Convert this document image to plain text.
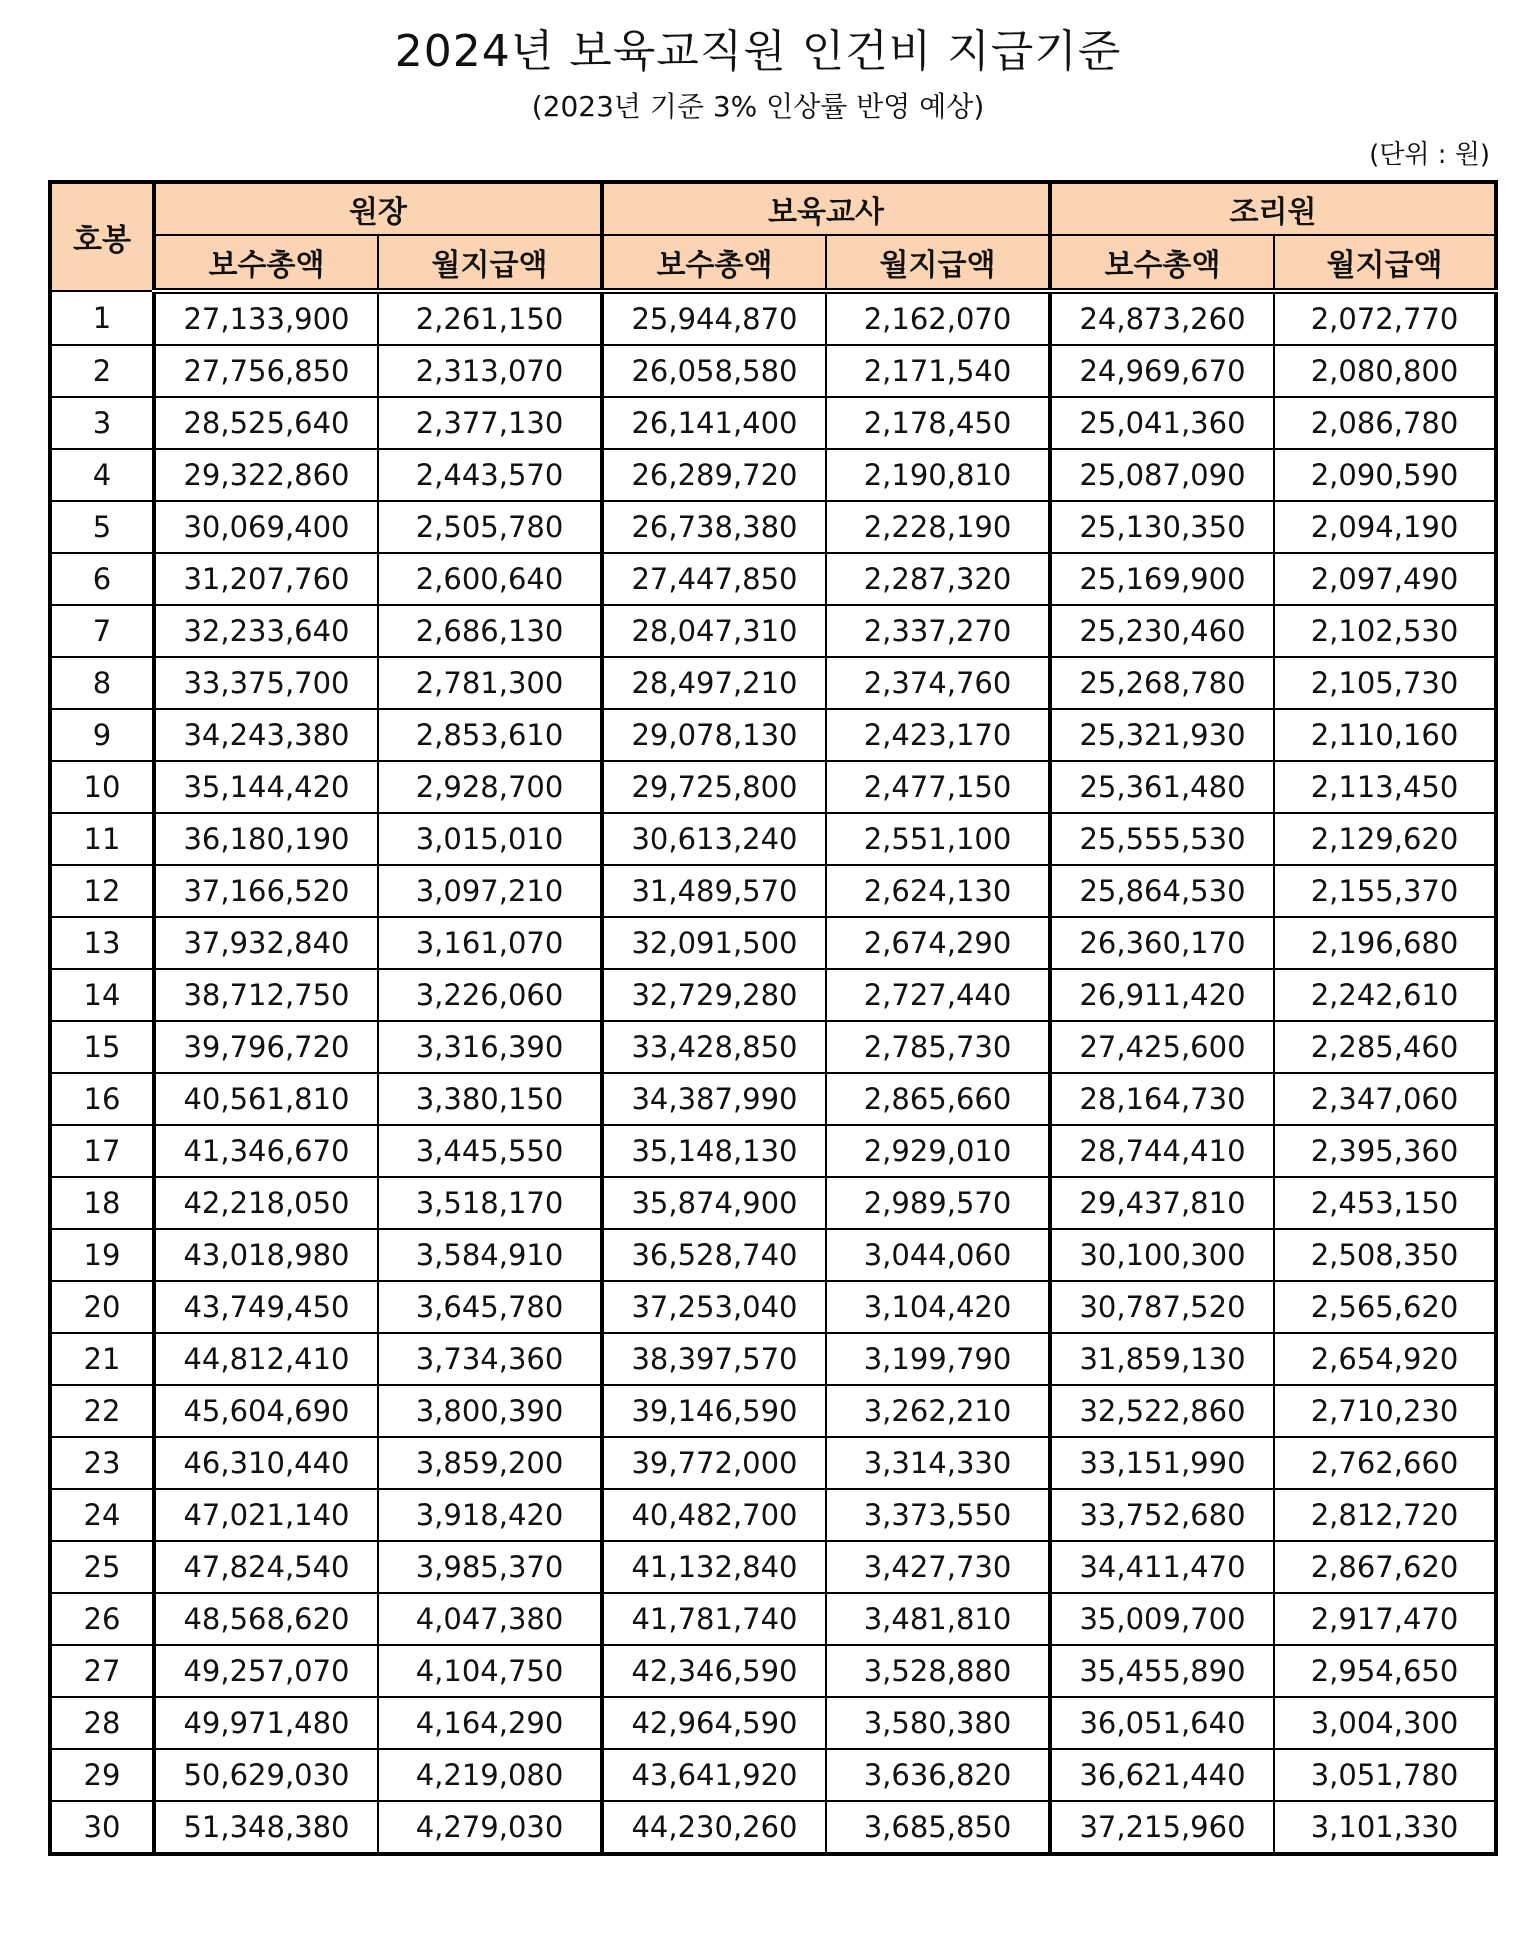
2024년 보육교직원 인건비 지급기준
(2023년 기준 3% 인상률 반영 예상)
(단위 : 원)
호봉	원장		보육교사		조리원	
	보수총액	월지급액	보수총액	월지급액	보수총액	월지급액
1	27,133,900	2,261,150	25,944,870	2,162,070	24,873,260	2,072,770
2	27,756,850	2,313,070	26,058,580	2,171,540	24,969,670	2,080,800
3	28,525,640	2,377,130	26,141,400	2,178,450	25,041,360	2,086,780
4	29,322,860	2,443,570	26,289,720	2,190,810	25,087,090	2,090,590
5	30,069,400	2,505,780	26,738,380	2,228,190	25,130,350	2,094,190
6	31,207,760	2,600,640	27,447,850	2,287,320	25,169,900	2,097,490
7	32,233,640	2,686,130	28,047,310	2,337,270	25,230,460	2,102,530
8	33,375,700	2,781,300	28,497,210	2,374,760	25,268,780	2,105,730
9	34,243,380	2,853,610	29,078,130	2,423,170	25,321,930	2,110,160
10	35,144,420	2,928,700	29,725,800	2,477,150	25,361,480	2,113,450
11	36,180,190	3,015,010	30,613,240	2,551,100	25,555,530	2,129,620
12	37,166,520	3,097,210	31,489,570	2,624,130	25,864,530	2,155,370
13	37,932,840	3,161,070	32,091,500	2,674,290	26,360,170	2,196,680
14	38,712,750	3,226,060	32,729,280	2,727,440	26,911,420	2,242,610
15	39,796,720	3,316,390	33,428,850	2,785,730	27,425,600	2,285,460
16	40,561,810	3,380,150	34,387,990	2,865,660	28,164,730	2,347,060
17	41,346,670	3,445,550	35,148,130	2,929,010	28,744,410	2,395,360
18	42,218,050	3,518,170	35,874,900	2,989,570	29,437,810	2,453,150
19	43,018,980	3,584,910	36,528,740	3,044,060	30,100,300	2,508,350
20	43,749,450	3,645,780	37,253,040	3,104,420	30,787,520	2,565,620
21	44,812,410	3,734,360	38,397,570	3,199,790	31,859,130	2,654,920
22	45,604,690	3,800,390	39,146,590	3,262,210	32,522,860	2,710,230
23	46,310,440	3,859,200	39,772,000	3,314,330	33,151,990	2,762,660
24	47,021,140	3,918,420	40,482,700	3,373,550	33,752,680	2,812,720
25	47,824,540	3,985,370	41,132,840	3,427,730	34,411,470	2,867,620
26	48,568,620	4,047,380	41,781,740	3,481,810	35,009,700	2,917,470
27	49,257,070	4,104,750	42,346,590	3,528,880	35,455,890	2,954,650
28	49,971,480	4,164,290	42,964,590	3,580,380	36,051,640	3,004,300
29	50,629,030	4,219,080	43,641,920	3,636,820	36,621,440	3,051,780
30	51,348,380	4,279,030	44,230,260	3,685,850	37,215,960	3,101,330
